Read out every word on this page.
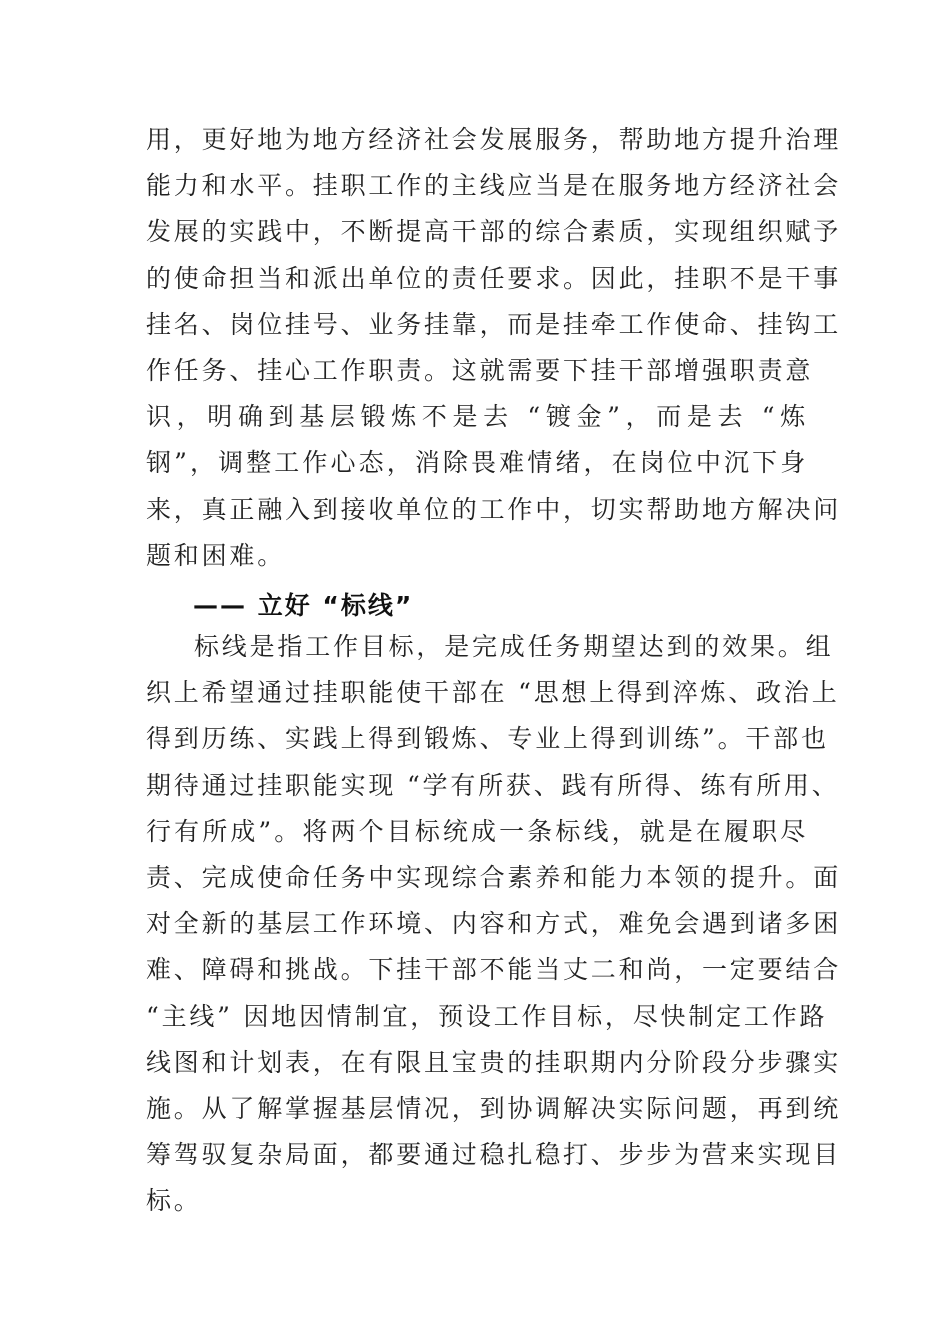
用，更好地为地方经济社会发展服务，帮助地方提升治理
能力和水平。挂职工作的主线应当是在服务地方经济社会
发展的实践中，不断提高干部的综合素质，实现组织赋予
的使命担当和派出单位的责任要求。因此，挂职不是干事
挂名、岗位挂号、业务挂靠，而是挂牵工作使命、挂钩工
作任务、挂心工作职责。这就需要下挂干部增强职责意
识，明确到基层锻炼不是去 “镀金”，而是去 “炼
钢”，调整工作心态，消除畏难情绪，在岗位中沉下身
来，真正融入到接收单位的工作中，切实帮助地方解决问
题和困难。
—— 立好 “标线”
标线是指工作目标，是完成任务期望达到的效果。组
织上希望通过挂职能使干部在 “思想上得到淬炼、政治上
得到历练、实践上得到锻炼、专业上得到训练”。干部也
期待通过挂职能实现 “学有所获、践有所得、练有所用、
行有所成”。将两个目标统成一条标线，就是在履职尽
责、完成使命任务中实现综合素养和能力本领的提升。面
对全新的基层工作环境、内容和方式，难免会遇到诸多困
难、障碍和挑战。下挂干部不能当丈二和尚，一定要结合
“主线” 因地因情制宜，预设工作目标，尽快制定工作路
线图和计划表，在有限且宝贵的挂职期内分阶段分步骤实
施。从了解掌握基层情况，到协调解决实际问题，再到统
筹驾驭复杂局面，都要通过稳扎稳打、步步为营来实现目
标。
